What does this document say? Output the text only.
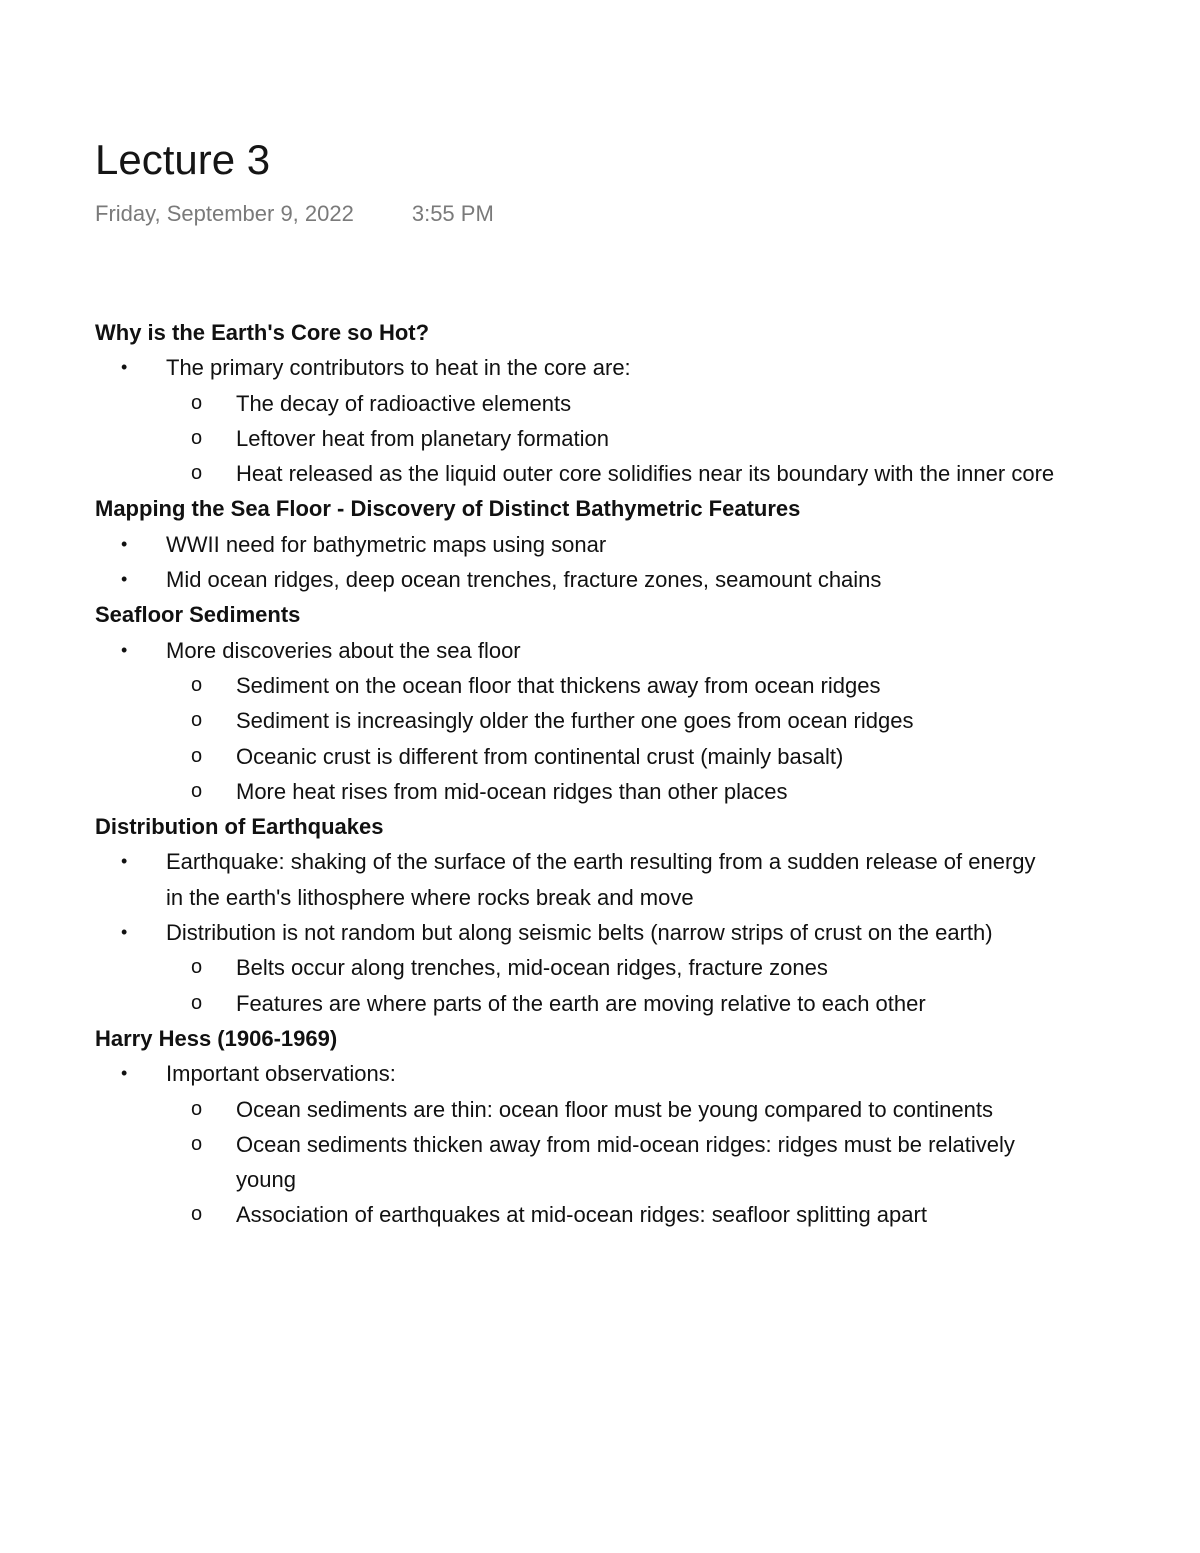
Lecture 3
Friday, September 9, 2022	3:55 PM
Why is the Earth's Core so Hot?
• The primary contributors to heat in the core are:
o The decay of radioactive elements
o Leftover heat from planetary formation
o Heat released as the liquid outer core solidifies near its boundary with the inner core
Mapping the Sea Floor - Discovery of Distinct Bathymetric Features
• WWII need for bathymetric maps using sonar
• Mid ocean ridges, deep ocean trenches, fracture zones, seamount chains
Seafloor Sediments
• More discoveries about the sea floor
o Sediment on the ocean floor that thickens away from ocean ridges
o Sediment is increasingly older the further one goes from ocean ridges
o Oceanic crust is different from continental crust (mainly basalt)
o More heat rises from mid-ocean ridges than other places
Distribution of Earthquakes
• Earthquake: shaking of the surface of the earth resulting from a sudden release of energy in the earth's lithosphere where rocks break and move
• Distribution is not random but along seismic belts (narrow strips of crust on the earth)
o Belts occur along trenches, mid-ocean ridges, fracture zones
o Features are where parts of the earth are moving relative to each other
Harry Hess (1906-1969)
• Important observations:
o Ocean sediments are thin: ocean floor must be young compared to continents
o Ocean sediments thicken away from mid-ocean ridges: ridges must be relatively young
o Association of earthquakes at mid-ocean ridges: seafloor splitting apart
